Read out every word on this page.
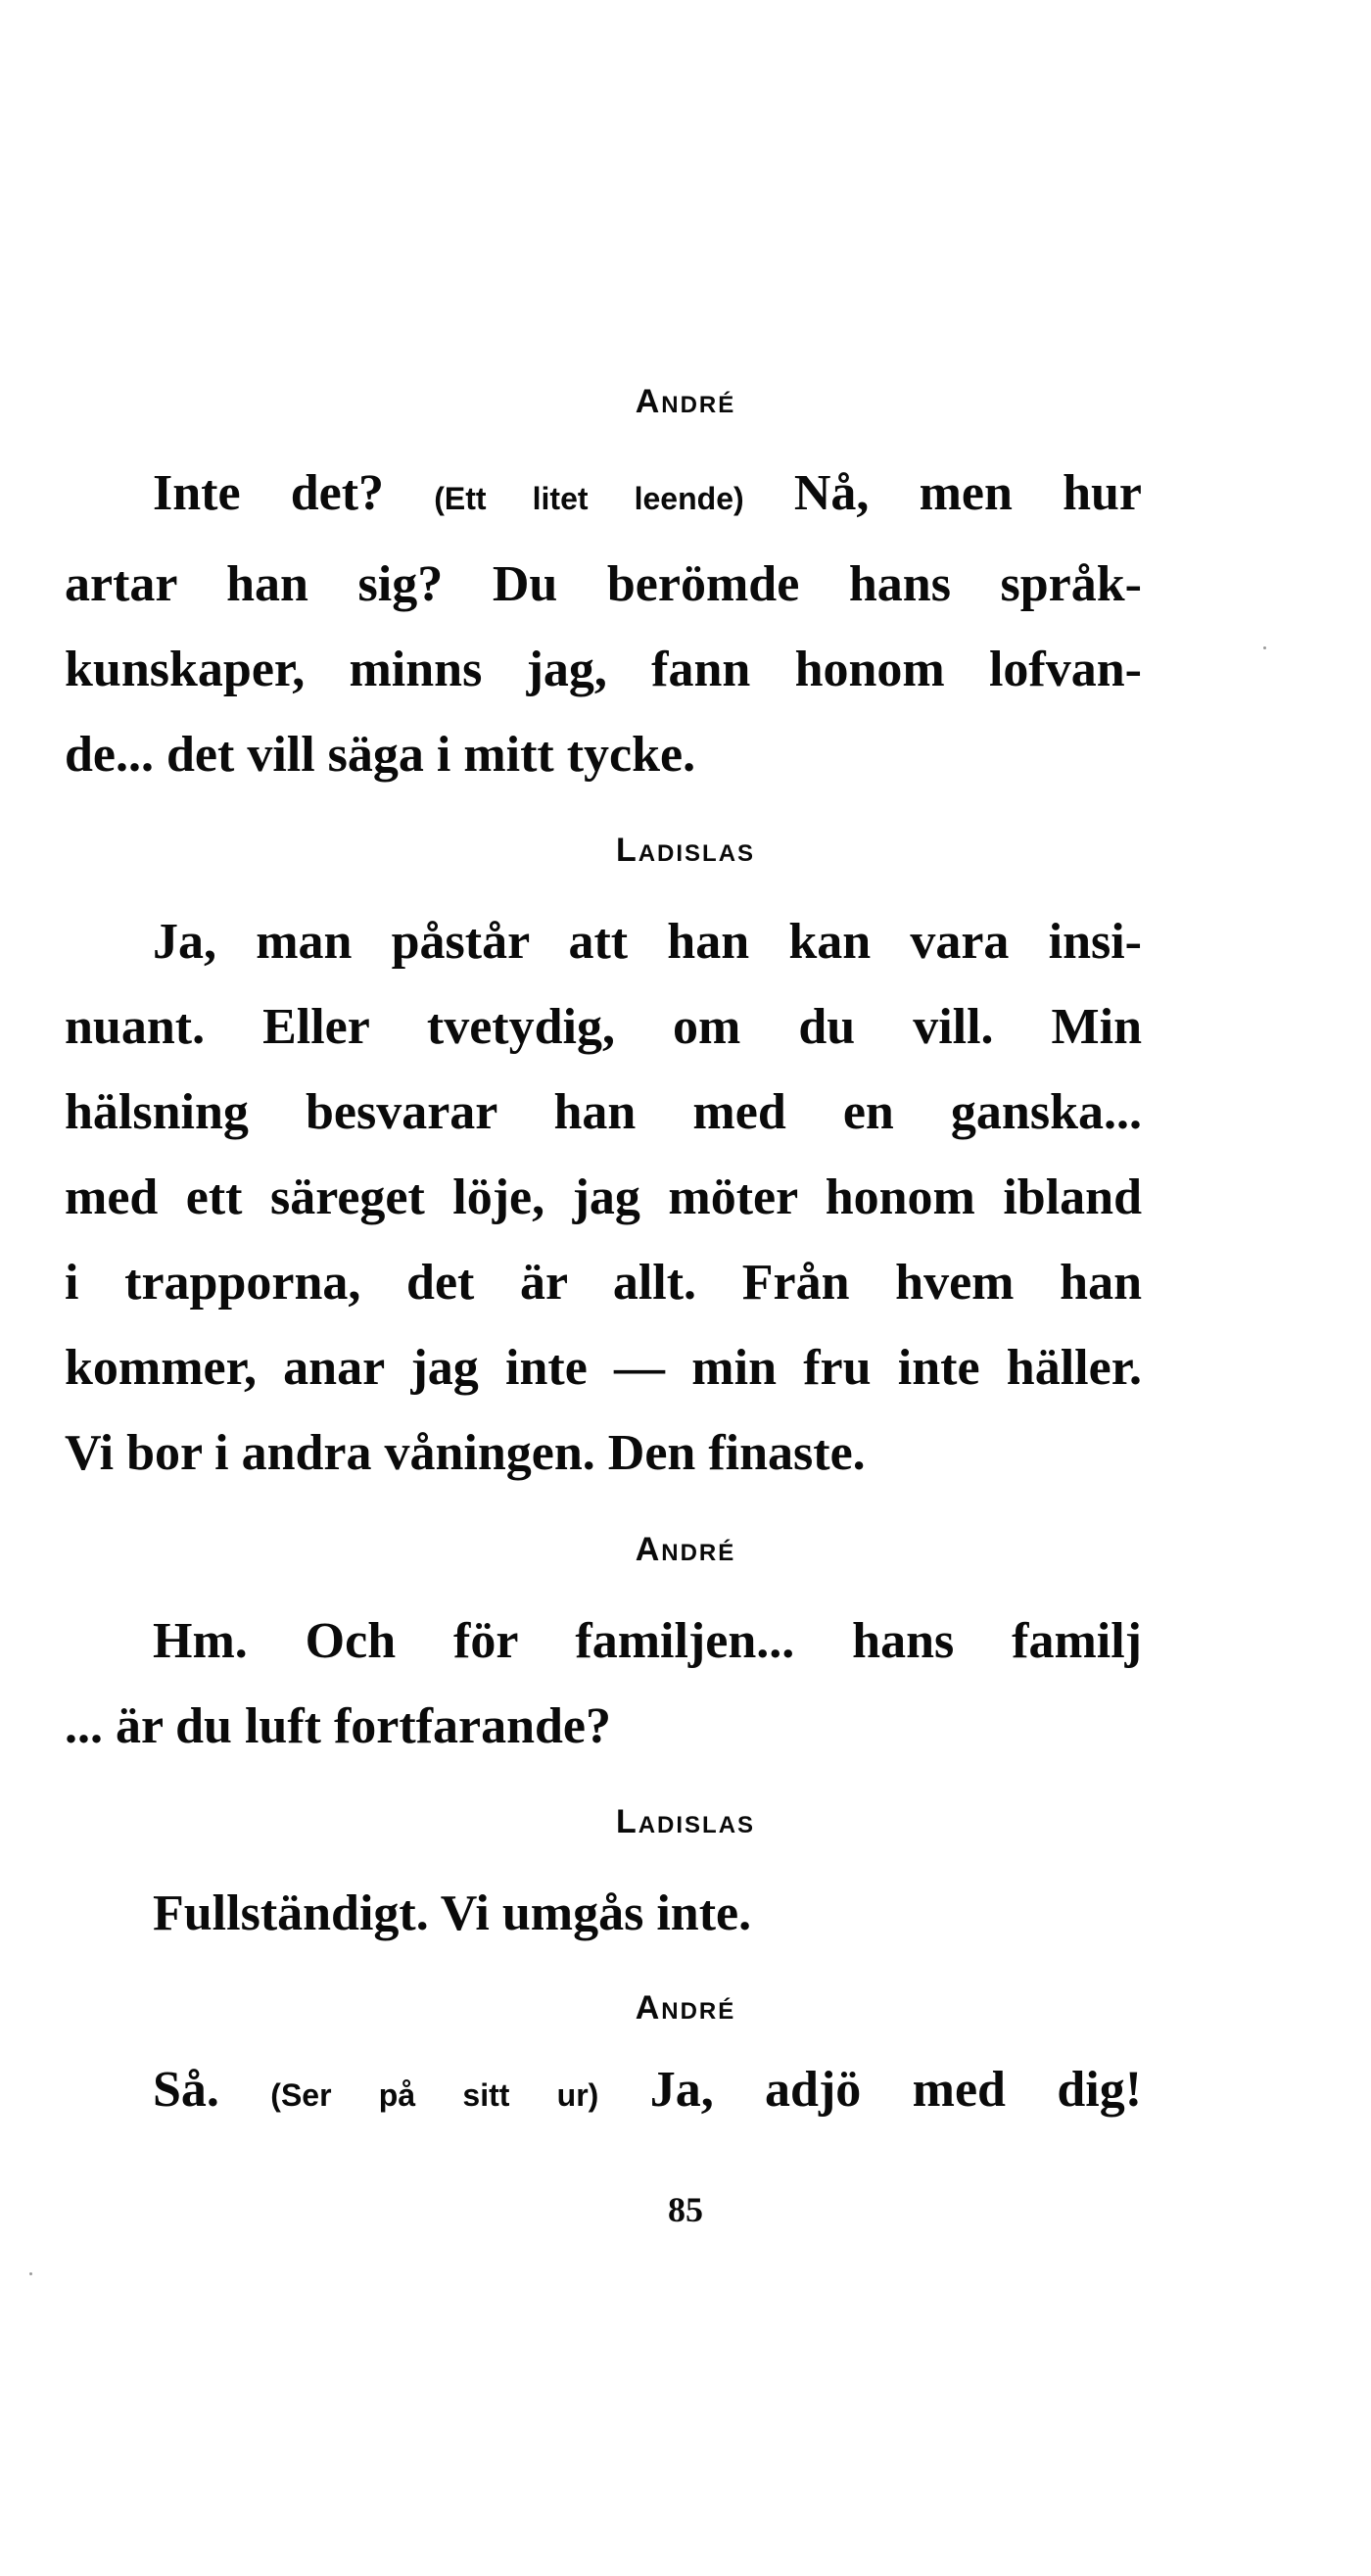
André
Inte det? (Ett litet leende) Nå, men hur
artar han sig? Du berömde hans språk-
kunskaper, minns jag, fann honom lofvan-
de... det vill säga i mitt tycke.
Ladislas
Ja, man påstår att han kan vara insi-
nuant. Eller tvetydig, om du vill. Min
hälsning besvarar han med en ganska...
med ett säreget löje, jag möter honom ibland
i trapporna, det är allt. Från hvem han
kommer, anar jag inte — min fru inte häller.
Vi bor i andra våningen. Den finaste.
André
Hm. Och för familjen... hans familj
... är du luft fortfarande?
Ladislas
Fullständigt. Vi umgås inte.
André
Så. (Ser på sitt ur) Ja, adjö med dig!
85
